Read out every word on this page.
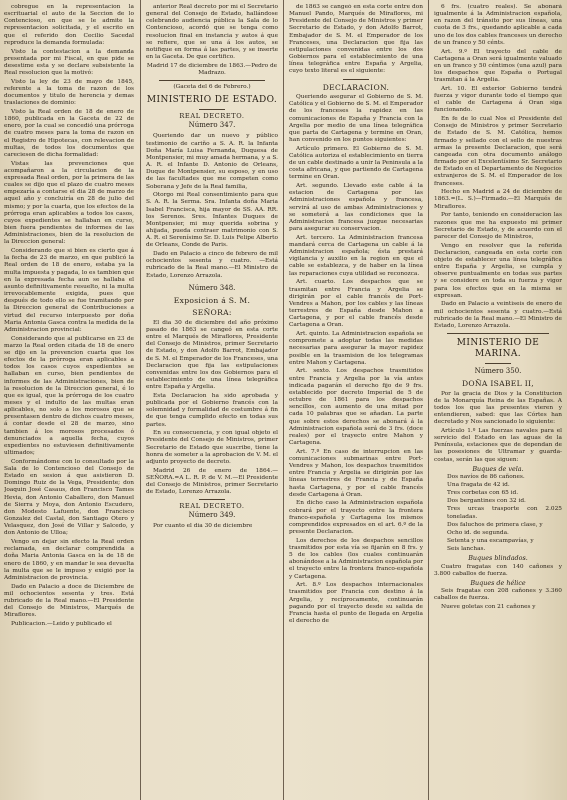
cobregue en la representacion la escrituarial el auto de la Seccion de lo Contencioso, en que se le admite la representacion solicitada, y el escrito en que el referido don Cecilio Sacedal reproduce la demanda formulada:

Visto la contestacion a la demanda presentada por mi Fiscal, en que pide se desestime esta y se declare subsistente la Real resolucion que la motivó:

Visto la ley de 23 de mayo de 1845, referente a la toma de razon de los documentos y titulo de herencia y demas traslaciones de dominio:

Visto la Real orden de 18 de enero de 1860, publicada en la Gaceta de 22 de enero, por la cual se concedió una prórroga de cuatro meses para la toma de razon en el Registro de Hipotecas, con relevacion de multas, de todos los documentos que careciesen de dicha formalidad:

Vistas las prevenciones que acompañaron a la circulacion de la expresada Real orden, por la primera de las cuales se dijo que el plazo de cuatro meses empezaría a contarse el dia 28 de marzo de aquel año y concluiría en 28 de julio del mismo; y por la cuarta, que los efectos de la prórroga eran aplicables a todos los casos, cuyos expedientes se hallaban en curso, bien fuera pendientes de informes de las Administraciones, bien de la resolucion de la Direccion general:

Considerando que si bien es cierto que á la fecha de 23 de marzo, en que publicó la Real orden de 18 de enero, estaba ya la multa impuesta y pagada, lo es tambien que en la expresada fecha aun se hallaba el asunto definitivamente resuelto, ni la multa irrevocablemente exigida, pues que después de todo ello se fue tramitando por la Direccion general de Contribuciones a virtud del recurso interpuesto por doña Maria Antonia Gasca contra la medida de la Administracion provincial:

Considerando que al publicarse en 23 de marzo la Real orden citada de 18 de enero se dijo en la prevencion cuarta que los efectos de la prórroga eran aplicables a todos los casos cuyos expedientes se hallaban en curso, bien pendientes de informes de las Administraciones, bien de la resolucion de la Direccion general, é lo que es igual, que la prórroga de los cuatro meses y el indulto de las multas eran aplicables, no solo a los morosos que se presentasen dentro de dichos cuatro meses, á contar desde el 28 de marzo, sino tambien á los morosos procesados ó denunciados a aquella fecha, cuyos expedientes no estuviesen definitivamente ultimados;

Conformándome con lo consultado por la Sala de lo Contencioso del Consejo de Estado en sesion á que asistieron D. Domingo Ruiz de la Vega, Presidente; don Joaquin José Casaus, don Francisco Tames Hevia, don Antonio Caballero, don Manuel de Sierra y Moya, don Antonio Escudero, don Modesto Lafuente, don Francisco Gonzalez del Castal, don Santiago Otero y Velasquez, don José de Villar y Salcedo, y don Antonio de Ulloa;

Vengo en dejar sin efecto la Real orden reclamada, en declarar comprendida a doña Maria Antonia Gasca en la de 18 de enero de 1860, y en mandar le sea devuelta la multa que se le impuso y exigió por la Administracion de provincia.

Dado en Palacio a doce de Diciembre de mil ochocientos sesenta y tres. Está rubricado de la Real mano.—El Presidente del Consejo de Ministros, Marqués de Miraflores.

Publicacion.—Leido y publicado el

anterior Real decreto por mí el Secretario general del Consejo de Estado, hallándose celebrando audiencia pública la Sala de lo Contencioso, acordó que se tenga como resolucion final en instancia y autos á que se refiere, que se una á los autos, se notifique en forma á las partes, y se inserte en la Gaceta. De que certifico.

Madrid 17 de diciembre de 1863.—Pedro de Madrazo.

(Gaceta del 6 de Febrero.)
MINISTERIO DE ESTADO.
REAL DECRETO.
Número 347.

Queriendo dar un nuevo y público testimonio de cariño a S. A. R. la Infanta Doña María Luisa Fernanda, Duquesa de Montpensier, mi muy amada hermana, y a S. A. R. el Infante D. Antonio de Orleans, Duque de Montpensier, su esposo, y en uso de las facultades que me competen como Soberana y Jefe de la Real familia,

Otorgo mi Real consentimiento para que S. A. R. la Serma. Sra. Infanta doña Maria Isabel Francisca, hija mayor de SS. AA. RR. los Serenos. Sres. Infantes Duques de Montpensier, mi muy querida sobrina y ahijada, pueda contraer matrimonio con S. A. R. el Serenísimo Sr. D. Luis Felipe Alberto de Orleans, Conde de Paris.

Dado en Palacio a cinco de febrero de mil ochocientos sesenta y cuatro. —Está rubricado de la Real mano.—El Ministro de Estado, Lorenzo Arrazola.

Número 348.
Exposicion á S. M.
SEÑORA:

El dia 30 de diciembre del año próximo pasado de 1863 se cangeó en esta corte entre el Marqués de Miraflores, Presidente del Consejo de Ministros, primer Secretario de Estado, y don Adolfo Barrot, Embajador de S. M. el Emperador de los Franceses, una Declaracion que fija las estipulaciones convenidas entre los dos Gobiernos para el establecimiento de una línea telegráfica entre España y Argelia.

Esta Declaracion ha sido aprobada y publicada por el Gobierno francés con la solemnidad y formalidad de costumbre á fin de que tenga cumplido efecto en todas sus partes.

En su consecuencia, y con igual objeto el Presidente del Consejo de Ministros, primer Secretario de Estado que suscribe, tiene la honra de someter a la aprobacion de V. M. el adjunto proyecto de decreto.

Madrid 26 de enero de 1864.—SEÑORA.=A L. R. P. de V. M.—El Presidente del Consejo de Ministros, primer Secretario de Estado, Lorenzo Arrazola.

REAL DECRETO.
Número 349.

Por cuanto el dia 30 de diciembre

de 1863 se cangeó en esta corte entre don Manuel Pando, Marqués de Miraflores, mi Presidente del Consejo de Ministros y primer Secretario de Estado, y don Adolfo Barrot, Embajador de S. M. el Emperador de los Franceses, una Declaracion que fija las estipulaciones convenidas entre los dos Gobiernos para el establecimiento de una línea telegráfica entre España y Argelia, cuyo texto literal es el siguiente:

DECLARACION.

Queriendo asegurar el Gobierno de S. M. Católica y el Gobierno de S. M. el Emperador de los franceses la rapidez en las comunicaciones de España y Francia con la Argelia por medio de una línea telegráfica que parta de Cartagena y termine en Oran, han convenido en los puntos siguientes:

Artículo primero. El Gobierno de S. M. Católica autoriza el establecimiento en tierra de un cable destinado a unir la Peninsula a la costa africana, y que partiendo de Cartagena termine en Oran.

Art. segundo. Llevado este cable á la estacion de Cartagena por las Administraciones española y francesa, servirá al uso de ambas Administraciones y se someterá a las condiciones que la Administracion francesa juzgue necesarias para asegurar su conservacion.

Art. tercero. La Administracion francesa mandará cerca de Cartagena un cable á la Administracion española; ésta prestará vigilancia y auxilio en la region en que el cable se establezca, y de haber en la línea las reparaciones cuya utilidad se reconozca.

Art. cuarto. Los despachos que se trasmitan entre Francia y Argelia se dirigirán por el cable francés de Port-Vendres a Mahon, por los cables y las líneas terrestres de España desde Mahon a Cartagena, y por el cable francés desde Cartagena a Oran.

Art. quinto. La Administracion española se compromete a adoptar todas las medidas necesarias para asegurar la mayor rapidez posible en la trasmision de los telegramas entre Mahon y Cartagena.

Art. sexto. Los despachos trasmitidos entre Francia y Argelia por la vía antes indicada pagarán el derecho fijo de 9 frs. establecido por decreto Imperial de 5 de octubre de 1861 para los despachos sencillos, con aumento de una mitad por cada 10 palabras que se añadan. La parte que sobre estos derechos se abonará á la Administracion española será de 3 frs. (doce reales) por el trayecto entre Mahon y Cartagena.

Art. 7.º En caso de interrupcion en las comunicaciones submarinas entre Port-Vendres y Mahon, los despachos trasmitidos entre Francia y Argelia se dirigirán por las líneas terrestres de Francia y de España hasta Cartagena, y por el cable francés desde Cartagena á Oran.

En dicho caso la Administracion española cobrará por el trayecto entre la frontera franco-española y Cartagena los mismos comprendidos expresados en el art. 6.º de la presente Declaracion.

Los derechos de los despachos sencillos trasmitidos por esta vía se fijarán en 8 frs. y 5 de los cables (los cuales continuarán abonándose a la Administracion española por el trayecto entre la frontera franco-española y Cartagena.

Art. 8.º Los despachos internacionales trasmitidos por Francia con destino á la Argelia, y recíprocamente, continuarán pagando por el trayecto desde su salida de Francia hasta el punto de llegada en Argelia el derecho de

6 frs. (cuatro reales). Se abonará igualmente á la Administracion española, en razon del tránsito por sus líneas, una cuota de 3 frs., quedando aplicable a cada uno de los dos cables franceses un derecho de un franco y 50 cénts.

Art. 9.º El trayecto del cable de Cartagena a Oran será igualmente valuado en un franco y 50 céntimos (una azul) para los despachos que España o Portugal trasmitan á la Argelia.

Art. 10. El exterior Gobierno tendrá fuerza y vigor durante todo el tiempo que el cable de Cartagena á Oran siga funcionando.

En fe de lo cual Nos el Presidente del Consejo de Ministros y primer Secretario de Estado de S. M. Católica, hemos firmado y sellado con el sello de nuestras armas la presente Declaracion, que será cangeada con otra documento análogo firmado por el Excelentísimo Sr. Secretario de Estado en el Departamento de Negocios extranjeros de S. M. el Emperador de los franceses.

Hecho en Madrid a 24 de diciembre de 1863.=(L. S.)—Firmado.—El Marqués de Miraflores.

Por tanto, teniendo en consideracion las razones que me ha expuesto mi primer Secretario de Estado, y de acuerdo con el parecer del Consejo de Ministros,

Vengo en resolver que la referida Declaracion, cangeada en esta corte con objeto de establecer una línea telegráfica entre España y Argelia, se cumpla y observe puntualmente en todas sus partes y se considere en toda su fuerza y vigor para los efectos que en la misma se expresan.

Dado en Palacio a veintiseis de enero de mil ochocientos sesenta y cuatro.—Está rubricado de la Real mano.—El Ministro de Estado, Lorenzo Arrazola.

MINISTERIO DE MARINA.
Número 350.
DOÑA ISABEL II,

Por la gracia de Dios y la Constitucion de la Monarquía Reina de las Españas. A todos los que las presentes vieren y entendieren, sabed: que las Córtes han decretado y Nos sancionado lo siguiente:

Artículo 1.º Las fuerzas navales para el servicio del Estado en las aguas de la Península, estaciones que de dependan de las posesiones de Ultramar y guarda-costas, serán las que siguen:

Buques de vela.
Dos navíos de 86 cañones.
Una fragata de 42 id.
Tres corbetas con 65 id.
Dos bergantines con 32 id.
Tres urcas trasporte con 2.025 toneladas.
Dos faluchos de primera clase, y
Ocho id. de segunda.
Setenta y una escampavías, y
Seis lanchas.
Buques blindados.

Cuatro fragatas con 140 cañones y 3.800 caballos de fuerza.

Buques de hélice

Seis fragatas con 208 cañones y 3.360 caballos de fuerza.

Nueve goletas con 21 cañones y
